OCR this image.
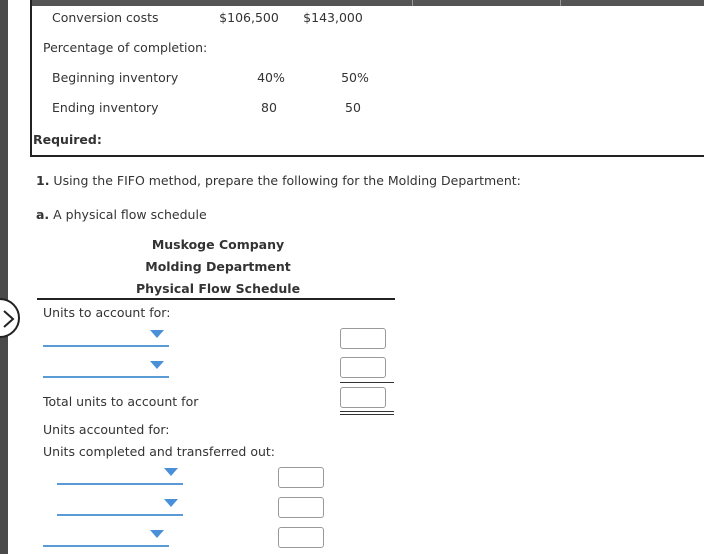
Conversion costs	$106,500	$143,000
Percentage of completion:
Beginning inventory	40%	50%
Ending inventory	80	50
Required:
1. Using the FIFO method, prepare the following for the Molding Department:
a. A physical flow schedule
Muskoge Company
Molding Department
Physical Flow Schedule
Units to account for:
Total units to account for
Units accounted for:
Units completed and transferred out:
